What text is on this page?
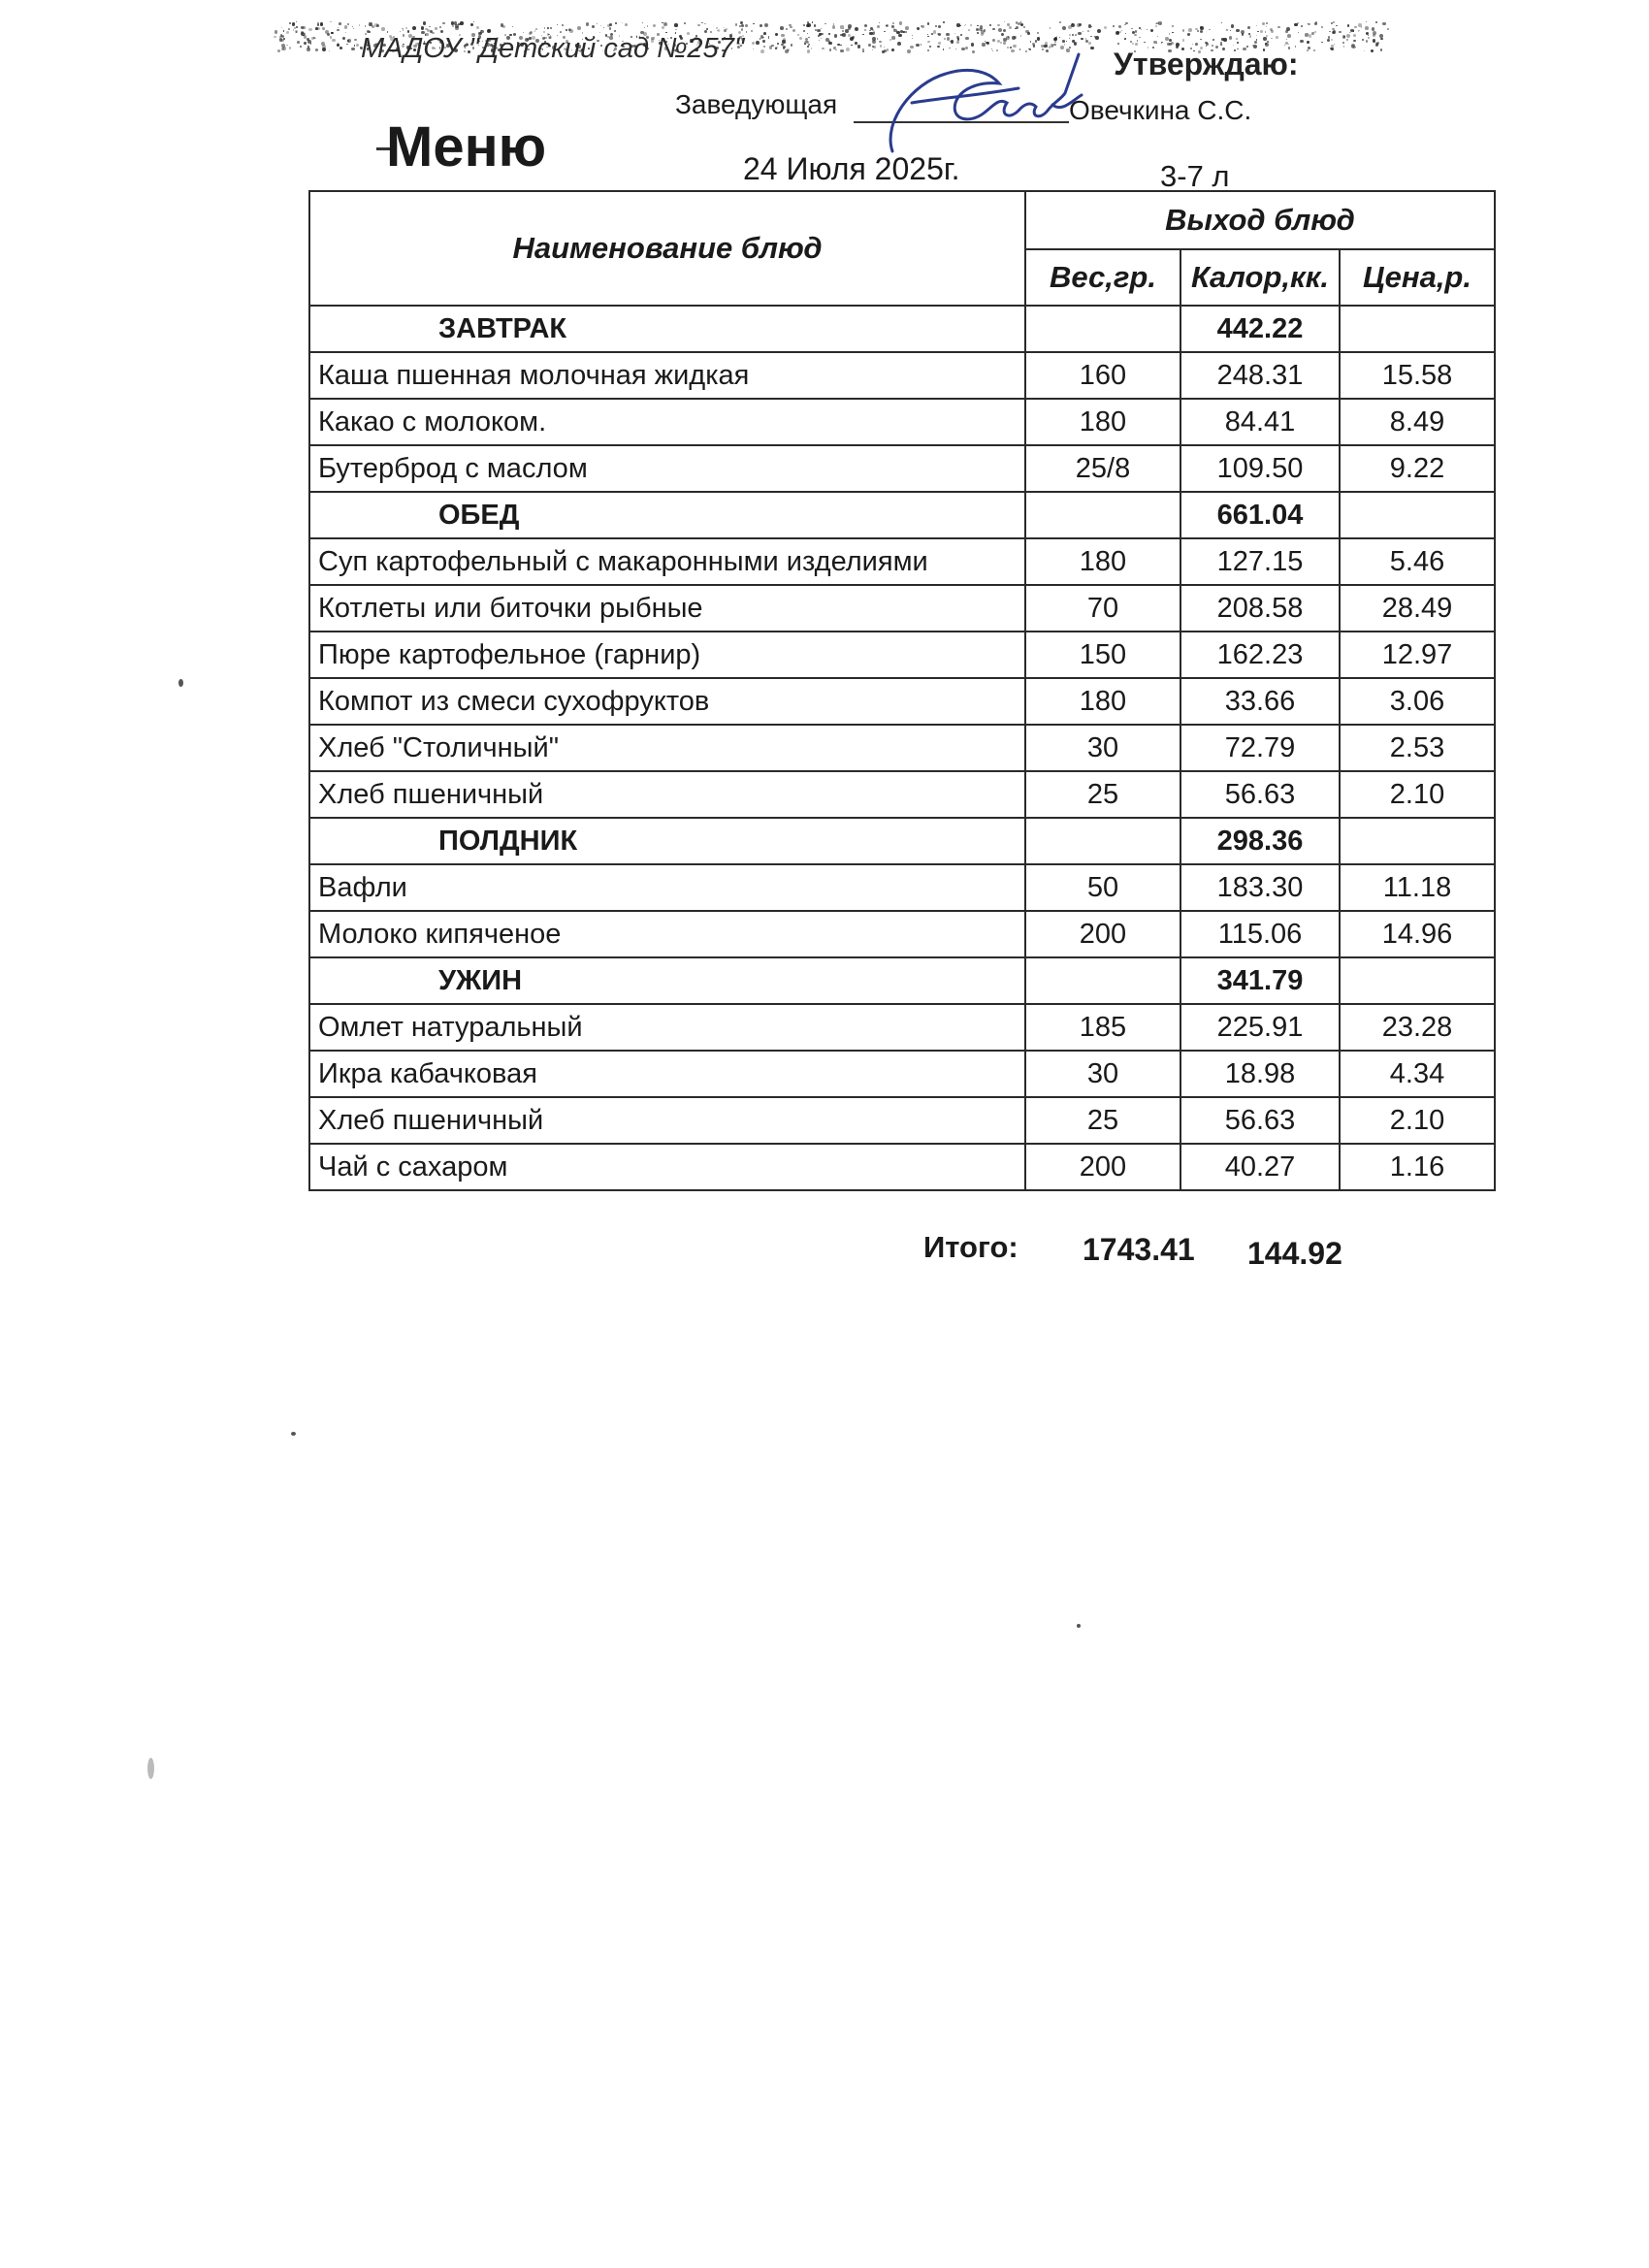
МАДОУ "Детский сад №257"	Утверждаю:
Заведующая	Овечкина С.С.
Меню	24 Июля 2025г.	3-7 л
Наименование блюд	Выход блюд		
	Вес,гр.	Калор,кк.	Цена,р.
ЗАВТРАК		442.22	
Каша пшенная молочная жидкая	160	248.31	15.58
Какао с молоком.	180	84.41	8.49
Бутерброд с маслом	25/8	109.50	9.22
ОБЕД		661.04	
Суп картофельный с макаронными изделиями	180	127.15	5.46
Котлеты или биточки рыбные	70	208.58	28.49
Пюре картофельное (гарнир)	150	162.23	12.97
Компот из смеси сухофруктов	180	33.66	3.06
Хлеб "Столичный"	30	72.79	2.53
Хлеб пшеничный	25	56.63	2.10
ПОЛДНИК		298.36	
Вафли	50	183.30	11.18
Молоко кипяченое	200	115.06	14.96
УЖИН		341.79	
Омлет натуральный	185	225.91	23.28
Икра кабачковая	30	18.98	4.34
Хлеб пшеничный	25	56.63	2.10
Чай с сахаром	200	40.27	1.16
Итого: 1743.41 144.92
